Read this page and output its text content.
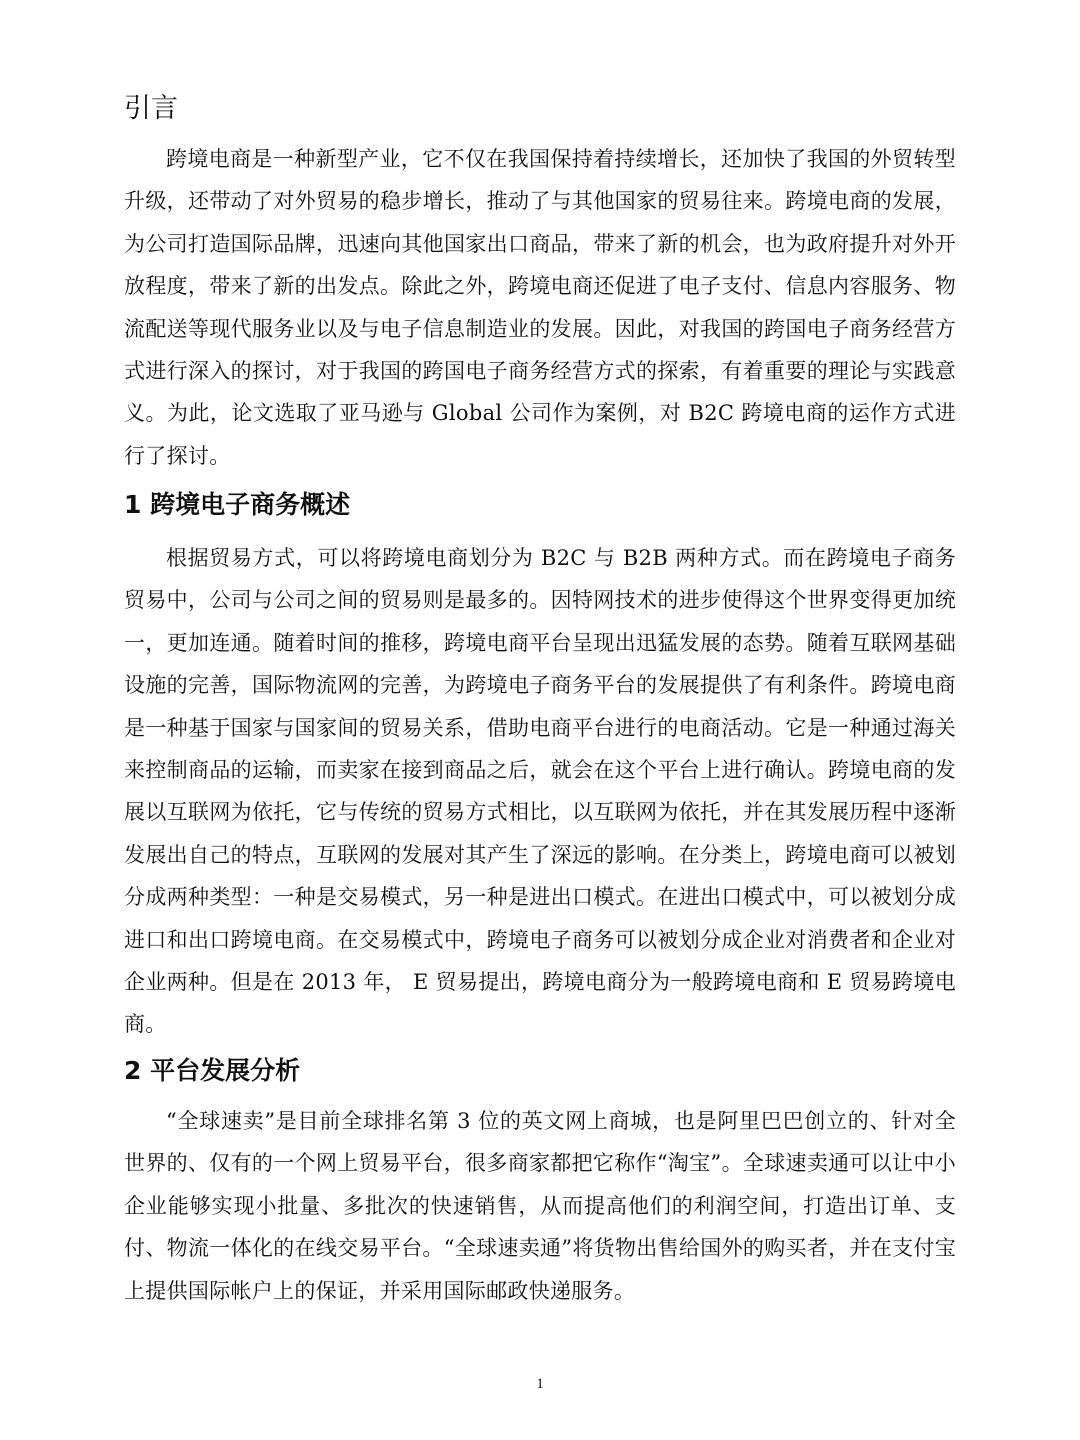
引言

跨境电商是一种新型产业，它不仅在我国保持着持续增长，还加快了我国的外贸转型升级，还带动了对外贸易的稳步增长，推动了与其他国家的贸易往来。跨境电商的发展，为公司打造国际品牌，迅速向其他国家出口商品，带来了新的机会，也为政府提升对外开放程度，带来了新的出发点。除此之外，跨境电商还促进了电子支付、信息内容服务、物流配送等现代服务业以及与电子信息制造业的发展。因此，对我国的跨国电子商务经营方式进行深入的探讨，对于我国的跨国电子商务经营方式的探索，有着重要的理论与实践意义。为此，论文选取了亚马逊与 Global 公司作为案例，对 B2C 跨境电商的运作方式进行了探讨。

1 跨境电子商务概述

根据贸易方式，可以将跨境电商划分为 B2C 与 B2B 两种方式。而在跨境电子商务贸易中，公司与公司之间的贸易则是最多的。因特网技术的进步使得这个世界变得更加统一，更加连通。随着时间的推移，跨境电商平台呈现出迅猛发展的态势。随着互联网基础设施的完善，国际物流网的完善，为跨境电子商务平台的发展提供了有利条件。跨境电商是一种基于国家与国家间的贸易关系，借助电商平台进行的电商活动。它是一种通过海关来控制商品的运输，而卖家在接到商品之后，就会在这个平台上进行确认。跨境电商的发展以互联网为依托，它与传统的贸易方式相比，以互联网为依托，并在其发展历程中逐渐发展出自己的特点，互联网的发展对其产生了深远的影响。在分类上，跨境电商可以被划分成两种类型：一种是交易模式，另一种是进出口模式。在进出口模式中，可以被划分成进口和出口跨境电商。在交易模式中，跨境电子商务可以被划分成企业对消费者和企业对企业两种。但是在 2013 年， E 贸易提出，跨境电商分为一般跨境电商和 E 贸易跨境电商。

2 平台发展分析

“全球速卖”是目前全球排名第 3 位的英文网上商城，也是阿里巴巴创立的、针对全世界的、仅有的一个网上贸易平台，很多商家都把它称作“淘宝”。全球速卖通可以让中小企业能够实现小批量、多批次的快速销售，从而提高他们的利润空间，打造出订单、支付、物流一体化的在线交易平台。“全球速卖通”将货物出售给国外的购买者，并在支付宝上提供国际帐户上的保证，并采用国际邮政快递服务。

1
